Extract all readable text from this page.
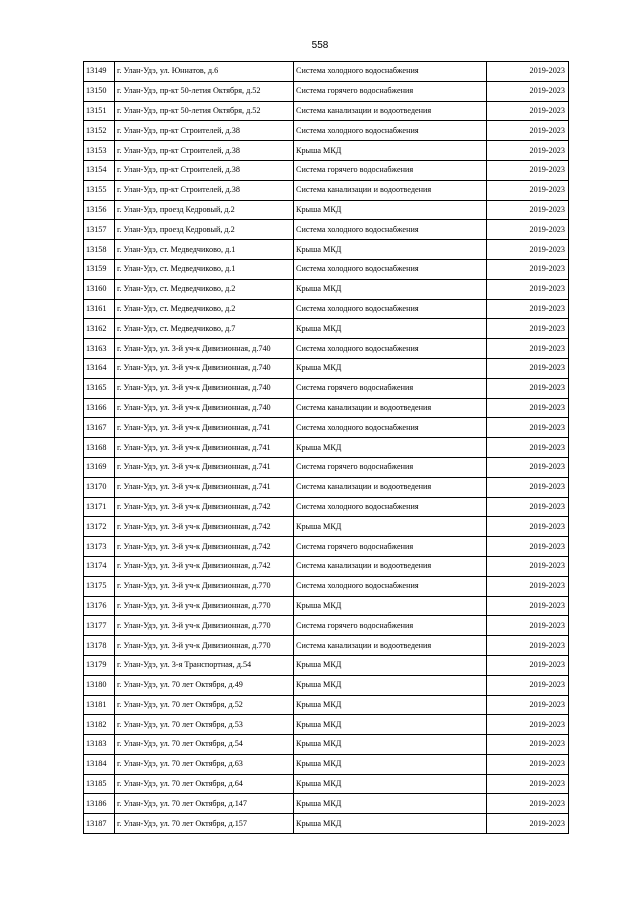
558
13149	г. Улан-Удэ, ул. Юннатов, д.6	Система холодного водоснабжения	2019-2023
13150	г. Улан-Удэ, пр-кт 50-летия Октября, д.52	Система горячего водоснабжения	2019-2023
13151	г. Улан-Удэ, пр-кт 50-летия Октября, д.52	Система канализации и водоотведения	2019-2023
13152	г. Улан-Удэ, пр-кт Строителей, д.38	Система холодного водоснабжения	2019-2023
13153	г. Улан-Удэ, пр-кт Строителей, д.38	Крыша МКД	2019-2023
13154	г. Улан-Удэ, пр-кт Строителей, д.38	Система горячего водоснабжения	2019-2023
13155	г. Улан-Удэ, пр-кт Строителей, д.38	Система канализации и водоотведения	2019-2023
13156	г. Улан-Удэ, проезд Кедровый, д.2	Крыша МКД	2019-2023
13157	г. Улан-Удэ, проезд Кедровый, д.2	Система холодного водоснабжения	2019-2023
13158	г. Улан-Удэ, ст. Медведчиково, д.1	Крыша МКД	2019-2023
13159	г. Улан-Удэ, ст. Медведчиково, д.1	Система холодного водоснабжения	2019-2023
13160	г. Улан-Удэ, ст. Медведчиково, д.2	Крыша МКД	2019-2023
13161	г. Улан-Удэ, ст. Медведчиково, д.2	Система холодного водоснабжения	2019-2023
13162	г. Улан-Удэ, ст. Медведчиково, д.7	Крыша МКД	2019-2023
13163	г. Улан-Удэ, ул. 3-й уч-к Дивизионная, д.740	Система холодного водоснабжения	2019-2023
13164	г. Улан-Удэ, ул. 3-й уч-к Дивизионная, д.740	Крыша МКД	2019-2023
13165	г. Улан-Удэ, ул. 3-й уч-к Дивизионная, д.740	Система горячего водоснабжения	2019-2023
13166	г. Улан-Удэ, ул. 3-й уч-к Дивизионная, д.740	Система канализации и водоотведения	2019-2023
13167	г. Улан-Удэ, ул. 3-й уч-к Дивизионная, д.741	Система холодного водоснабжения	2019-2023
13168	г. Улан-Удэ, ул. 3-й уч-к Дивизионная, д.741	Крыша МКД	2019-2023
13169	г. Улан-Удэ, ул. 3-й уч-к Дивизионная, д.741	Система горячего водоснабжения	2019-2023
13170	г. Улан-Удэ, ул. 3-й уч-к Дивизионная, д.741	Система канализации и водоотведения	2019-2023
13171	г. Улан-Удэ, ул. 3-й уч-к Дивизионная, д.742	Система холодного водоснабжения	2019-2023
13172	г. Улан-Удэ, ул. 3-й уч-к Дивизионная, д.742	Крыша МКД	2019-2023
13173	г. Улан-Удэ, ул. 3-й уч-к Дивизионная, д.742	Система горячего водоснабжения	2019-2023
13174	г. Улан-Удэ, ул. 3-й уч-к Дивизионная, д.742	Система канализации и водоотведения	2019-2023
13175	г. Улан-Удэ, ул. 3-й уч-к Дивизионная, д.770	Система холодного водоснабжения	2019-2023
13176	г. Улан-Удэ, ул. 3-й уч-к Дивизионная, д.770	Крыша МКД	2019-2023
13177	г. Улан-Удэ, ул. 3-й уч-к Дивизионная, д.770	Система горячего водоснабжения	2019-2023
13178	г. Улан-Удэ, ул. 3-й уч-к Дивизионная, д.770	Система канализации и водоотведения	2019-2023
13179	г. Улан-Удэ, ул. 3-я Транспортная, д.54	Крыша МКД	2019-2023
13180	г. Улан-Удэ, ул. 70 лет Октября, д.49	Крыша МКД	2019-2023
13181	г. Улан-Удэ, ул. 70 лет Октября, д.52	Крыша МКД	2019-2023
13182	г. Улан-Удэ, ул. 70 лет Октября, д.53	Крыша МКД	2019-2023
13183	г. Улан-Удэ, ул. 70 лет Октября, д.54	Крыша МКД	2019-2023
13184	г. Улан-Удэ, ул. 70 лет Октября, д.63	Крыша МКД	2019-2023
13185	г. Улан-Удэ, ул. 70 лет Октября, д.64	Крыша МКД	2019-2023
13186	г. Улан-Удэ, ул. 70 лет Октября, д.147	Крыша МКД	2019-2023
13187	г. Улан-Удэ, ул. 70 лет Октября, д.157	Крыша МКД	2019-2023
